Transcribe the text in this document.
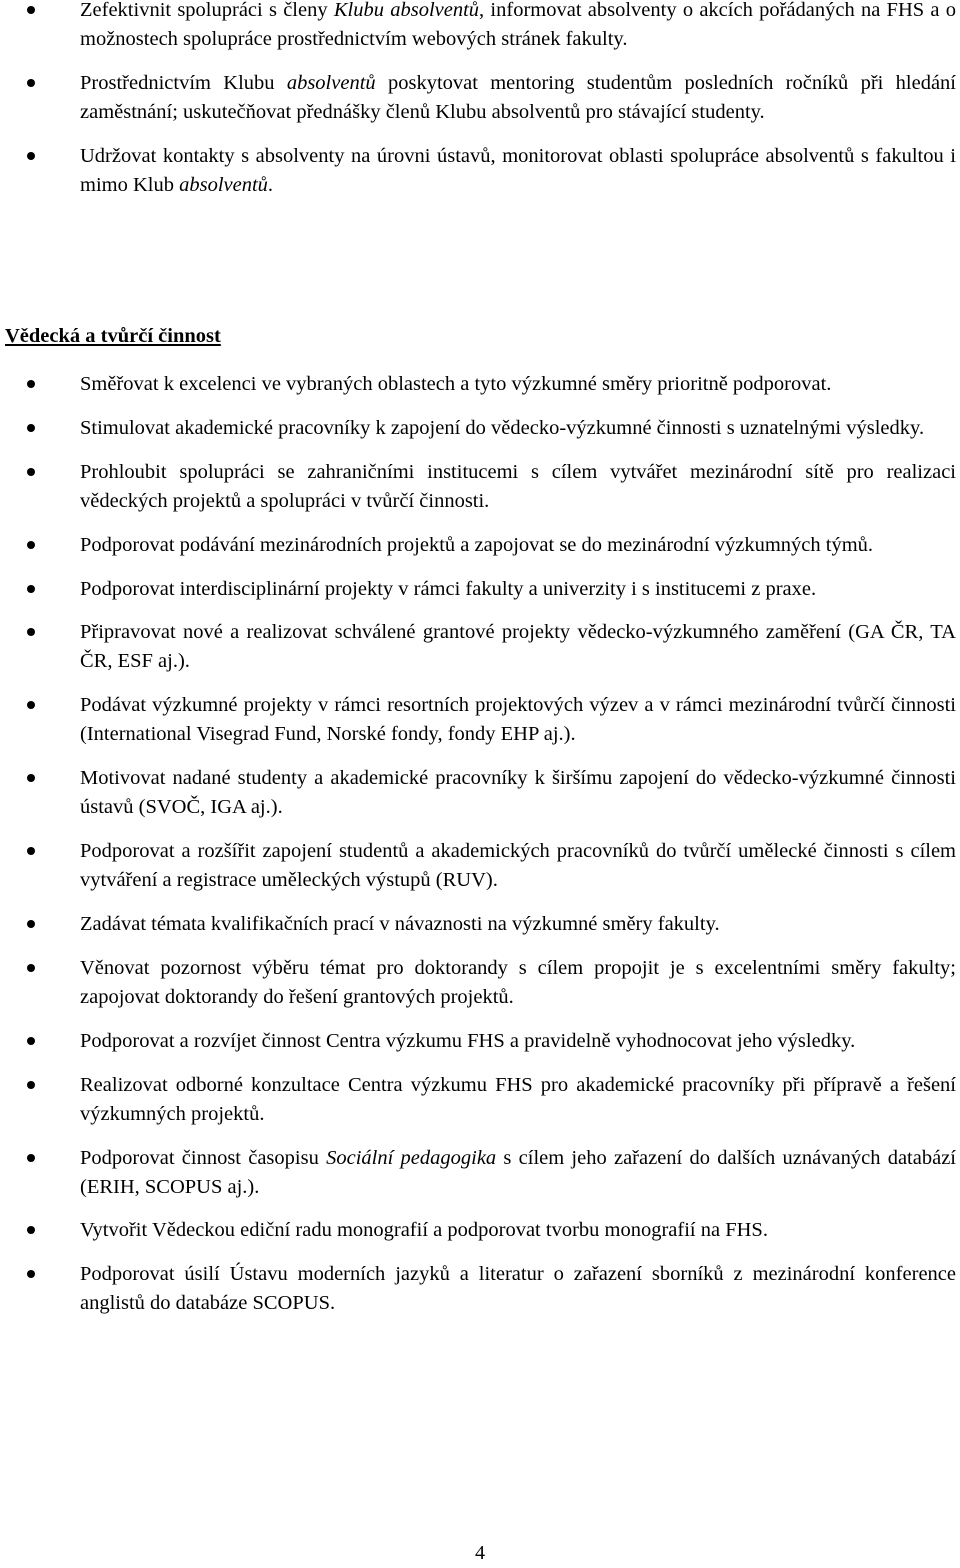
Zefektivnit spolupráci s členy Klubu absolventů, informovat absolventy o akcích pořádaných na FHS a o možnostech spolupráce prostřednictvím webových stránek fakulty.
Prostřednictvím Klubu absolventů poskytovat mentoring studentům posledních ročníků při hledání zaměstnání; uskutečňovat přednášky členů Klubu absolventů pro stávající studenty.
Udržovat kontakty s absolventy na úrovni ústavů, monitorovat oblasti spolupráce absolventů s fakultou i mimo Klub absolventů.
Vědecká a tvůrčí činnost
Směřovat k excelenci ve vybraných oblastech a tyto výzkumné směry prioritně podporovat.
Stimulovat akademické pracovníky k zapojení do vědecko-výzkumné činnosti s uznatelnými výsledky.
Prohloubit spolupráci se zahraničními institucemi s cílem vytvářet mezinárodní sítě pro realizaci vědeckých projektů a spolupráci v tvůrčí činnosti.
Podporovat podávání mezinárodních projektů a zapojovat se do mezinárodní výzkumných týmů.
Podporovat interdisciplinární projekty v rámci fakulty a univerzity i s institucemi z praxe.
Připravovat nové a realizovat schválené grantové projekty vědecko-výzkumného zaměření (GA ČR, TA ČR, ESF aj.).
Podávat výzkumné projekty v rámci resortních projektových výzev a v rámci mezinárodní tvůrčí činnosti (International Visegrad Fund, Norské fondy, fondy EHP aj.).
Motivovat nadané studenty a akademické pracovníky k širšímu zapojení do vědecko-výzkumné činnosti ústavů (SVOČ, IGA aj.).
Podporovat a rozšířit zapojení studentů a akademických pracovníků do tvůrčí umělecké činnosti s cílem vytváření a registrace uměleckých výstupů (RUV).
Zadávat témata kvalifikačních prací v návaznosti na výzkumné směry fakulty.
Věnovat pozornost výběru témat pro doktorandy s cílem propojit je s excelentními směry fakulty; zapojovat doktorandy do řešení grantových projektů.
Podporovat a rozvíjet činnost Centra výzkumu FHS a pravidelně vyhodnocovat jeho výsledky.
Realizovat odborné konzultace Centra výzkumu FHS pro akademické pracovníky při přípravě a řešení výzkumných projektů.
Podporovat činnost časopisu Sociální pedagogika s cílem jeho zařazení do dalších uznávaných databází (ERIH, SCOPUS aj.).
Vytvořit Vědeckou ediční radu monografií a podporovat tvorbu monografií na FHS.
Podporovat úsilí Ústavu moderních jazyků a literatur o zařazení sborníků z mezinárodní konference anglistů do databáze SCOPUS.
4
